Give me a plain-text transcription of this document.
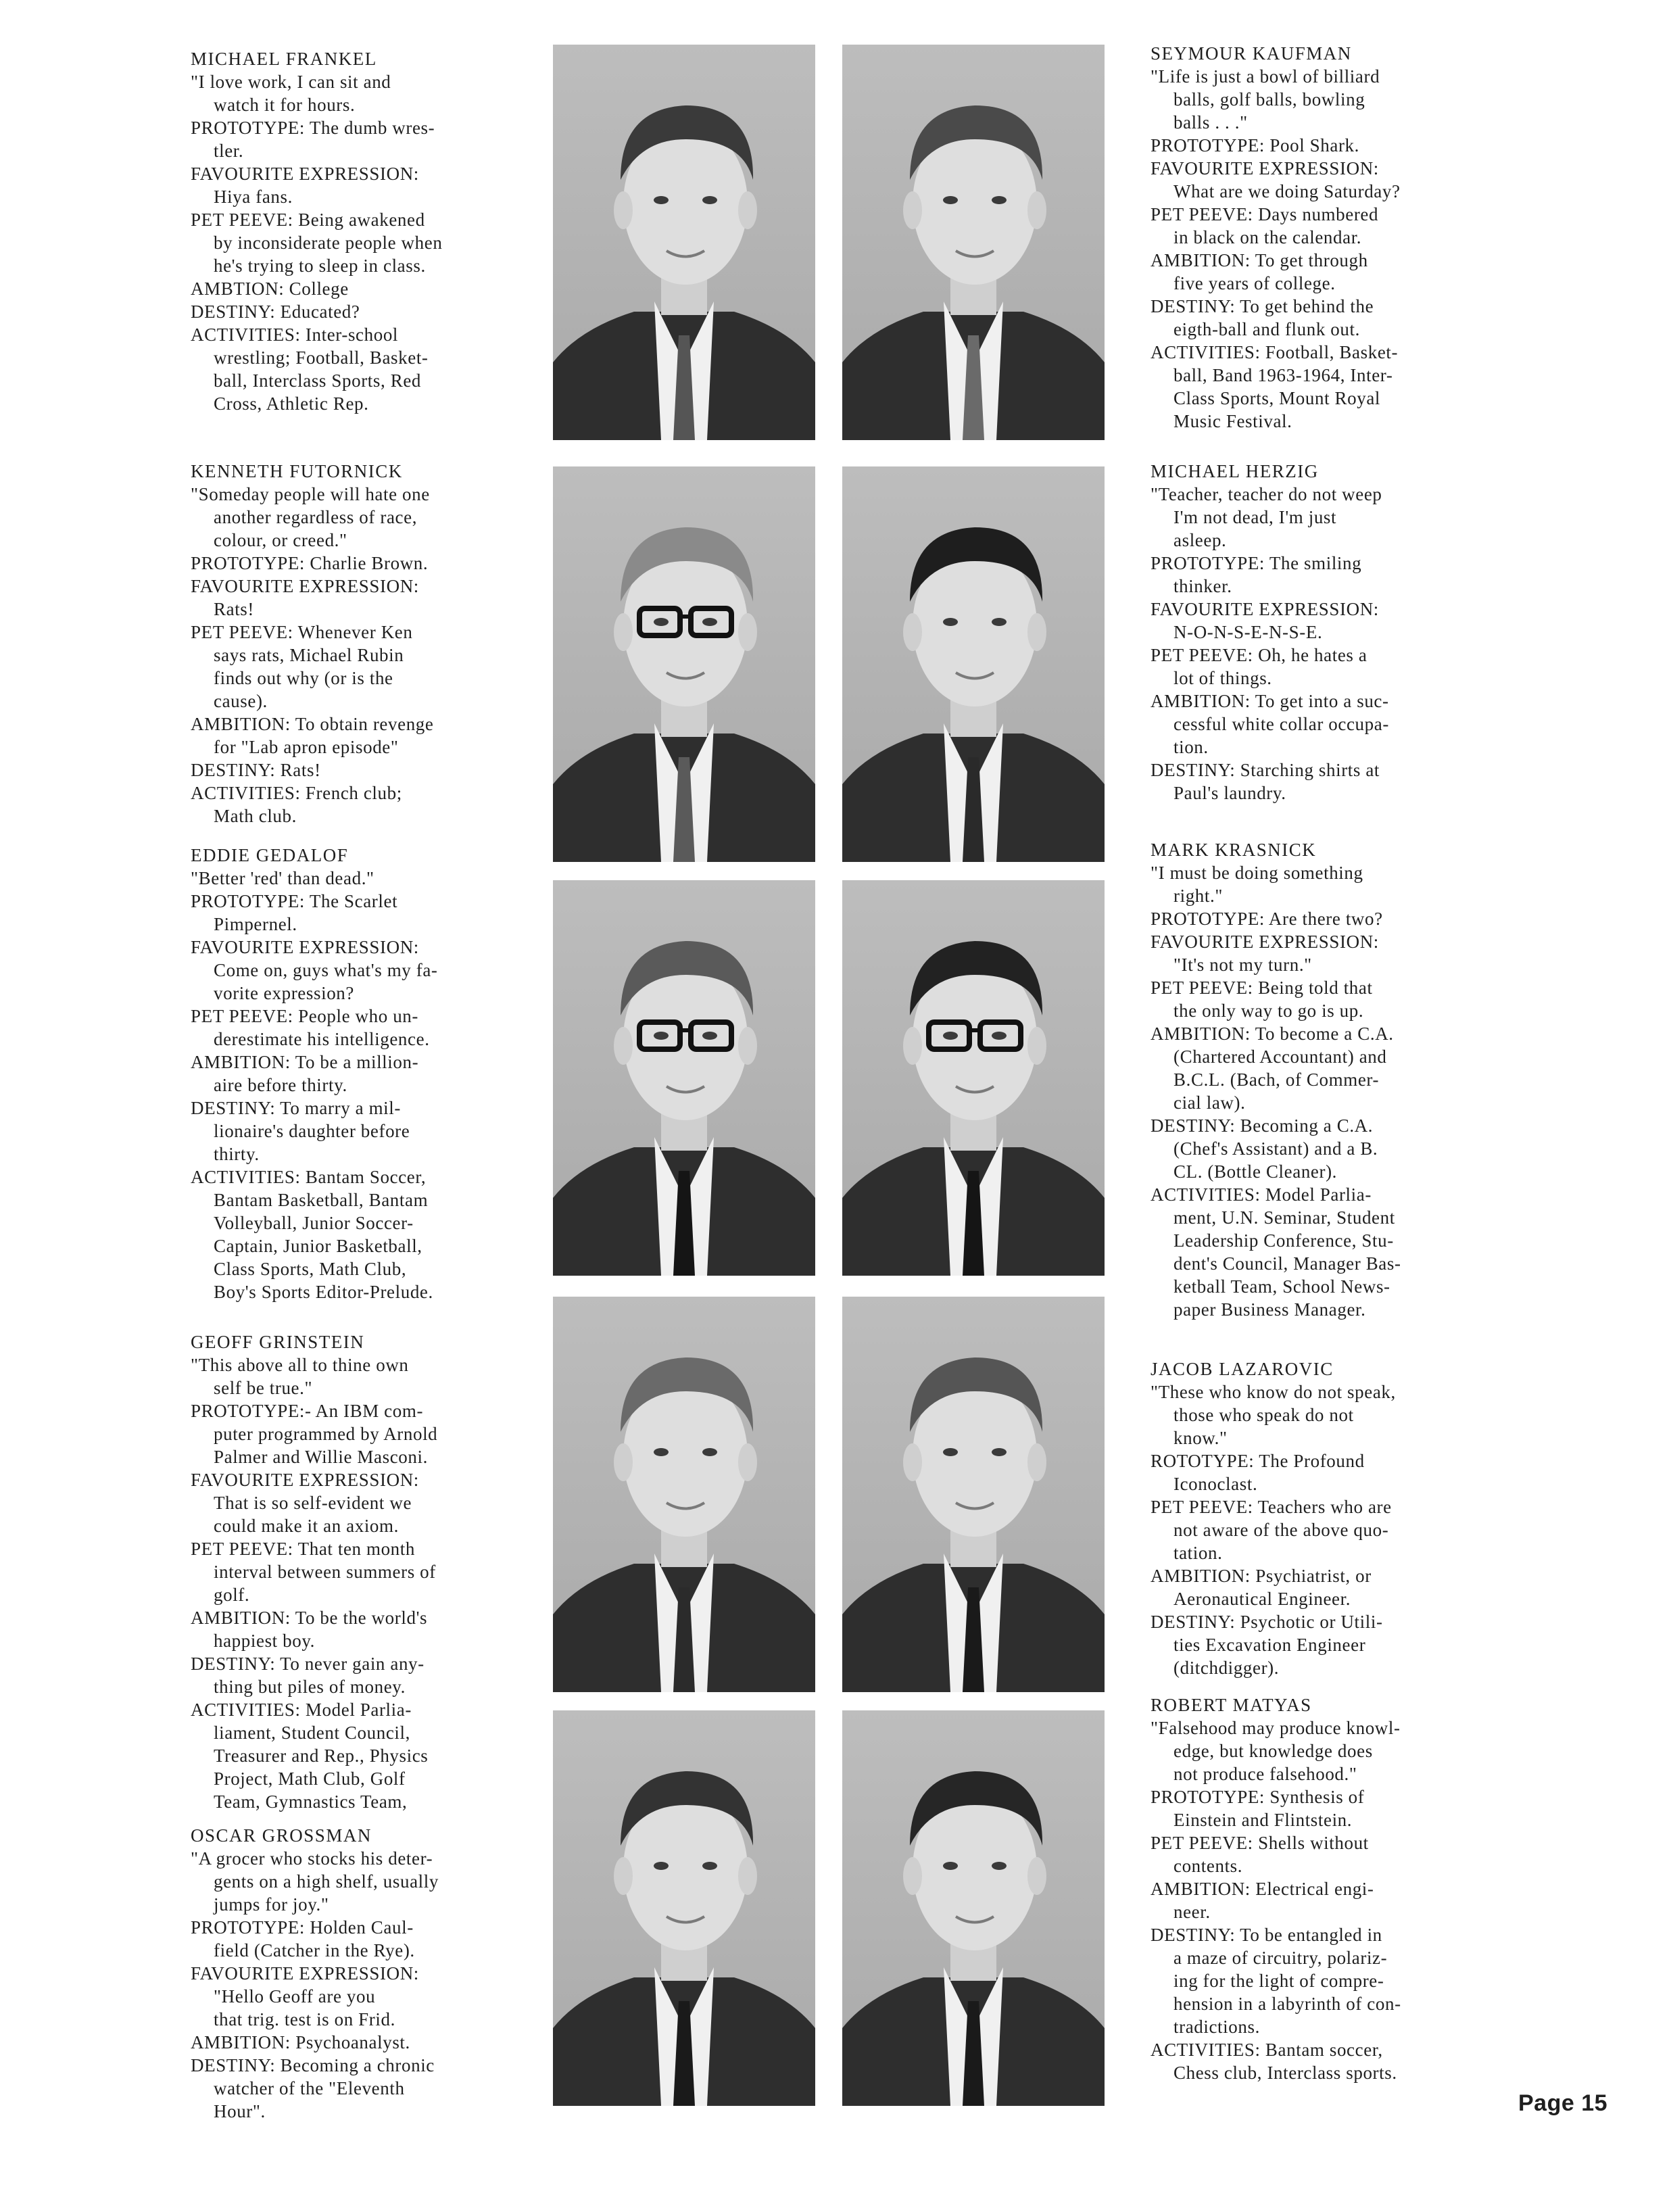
MICHAEL FRANKEL

"I love work, I can sit and

watch it for hours.

PROTOTYPE: The dumb wres-

tler.

FAVOURITE EXPRESSION:

Hiya fans.

PET PEEVE: Being awakened

by inconsiderate people when

he's trying to sleep in class.

AMBTION: College

DESTINY: Educated?

ACTIVITIES: Inter-school

wrestling; Football, Basket-

ball, Interclass Sports, Red

Cross, Athletic Rep.

KENNETH FUTORNICK

"Someday people will hate one

another regardless of race,

colour, or creed."

PROTOTYPE: Charlie Brown.

FAVOURITE EXPRESSION:

Rats!

PET PEEVE: Whenever Ken

says rats, Michael Rubin

finds out why (or is the

cause).

AMBITION: To obtain revenge

for "Lab apron episode"

DESTINY: Rats!

ACTIVITIES: French club;

Math club.

EDDIE GEDALOF

"Better 'red' than dead."

PROTOTYPE: The Scarlet

Pimpernel.

FAVOURITE EXPRESSION:

Come on, guys what's my fa-

vorite expression?

PET PEEVE: People who un-

derestimate his intelligence.

AMBITION: To be a million-

aire before thirty.

DESTINY: To marry a mil-

lionaire's daughter before

thirty.

ACTIVITIES: Bantam Soccer,

Bantam Basketball, Bantam

Volleyball, Junior Soccer-

Captain, Junior Basketball,

Class Sports, Math Club,

Boy's Sports Editor-Prelude.

GEOFF GRINSTEIN

"This above all to thine own

self be true."

PROTOTYPE:- An IBM com-

puter programmed by Arnold

Palmer and Willie Masconi.

FAVOURITE EXPRESSION:

That is so self-evident we

could make it an axiom.

PET PEEVE: That ten month

interval between summers of

golf.

AMBITION: To be the world's

happiest boy.

DESTINY: To never gain any-

thing but piles of money.

ACTIVITIES: Model Parlia-

liament, Student Council,

Treasurer and Rep., Physics

Project, Math Club, Golf

Team, Gymnastics Team,

OSCAR GROSSMAN

"A grocer who stocks his deter-

gents on a high shelf, usually

jumps for joy."

PROTOTYPE: Holden Caul-

field (Catcher in the Rye).

FAVOURITE EXPRESSION:

"Hello Geoff are you

that trig. test is on Frid.

AMBITION: Psychoanalyst.

DESTINY: Becoming a chronic

watcher of the "Eleventh

Hour".

SEYMOUR KAUFMAN

"Life is just a bowl of billiard

balls, golf balls, bowling

balls . . ."

PROTOTYPE: Pool Shark.

FAVOURITE EXPRESSION:

What are we doing Saturday?

PET PEEVE: Days numbered

in black on the calendar.

AMBITION: To get through

five years of college.

DESTINY: To get behind the

eigth-ball and flunk out.

ACTIVITIES: Football, Basket-

ball, Band 1963-1964, Inter-

Class Sports, Mount Royal

Music Festival.

MICHAEL HERZIG

"Teacher, teacher do not weep

I'm not dead, I'm just

asleep.

PROTOTYPE: The smiling

thinker.

FAVOURITE EXPRESSION:

N-O-N-S-E-N-S-E.

PET PEEVE: Oh, he hates a

lot of things.

AMBITION: To get into a suc-

cessful white collar occupa-

tion.

DESTINY: Starching shirts at

Paul's laundry.

MARK KRASNICK

"I must be doing something

right."

PROTOTYPE: Are there two?

FAVOURITE EXPRESSION:

"It's not my turn."

PET PEEVE: Being told that

the only way to go is up.

AMBITION: To become a C.A.

(Chartered Accountant) and

B.C.L. (Bach, of Commer-

cial law).

DESTINY: Becoming a C.A.

(Chef's Assistant) and a B.

CL. (Bottle Cleaner).

ACTIVITIES: Model Parlia-

ment, U.N. Seminar, Student

Leadership Conference, Stu-

dent's Council, Manager Bas-

ketball Team, School News-

paper Business Manager.

JACOB LAZAROVIC

"These who know do not speak,

those who speak do not

know."

ROTOTYPE: The Profound

Iconoclast.

PET PEEVE: Teachers who are

not aware of the above quo-

tation.

AMBITION: Psychiatrist, or

Aeronautical Engineer.

DESTINY: Psychotic or Utili-

ties Excavation Engineer

(ditchdigger).

ROBERT MATYAS

"Falsehood may produce knowl-

edge, but knowledge does

not produce falsehood."

PROTOTYPE: Synthesis of

Einstein and Flintstein.

PET PEEVE: Shells without

contents.

AMBITION: Electrical engi-

neer.

DESTINY: To be entangled in

a maze of circuitry, polariz-

ing for the light of compre-

hension in a labyrinth of con-

tradictions.

ACTIVITIES: Bantam soccer,

Chess club, Interclass sports.

Page 15
